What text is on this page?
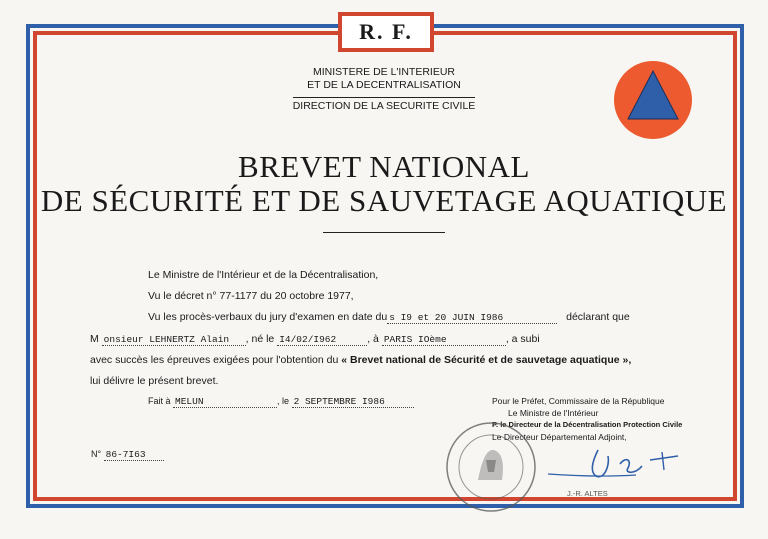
R. F.
MINISTERE DE L'INTERIEUR
ET DE LA DECENTRALISATION
DIRECTION DE LA SECURITE CIVILE
BREVET NATIONAL
DE SÉCURITÉ ET DE SAUVETAGE AQUATIQUE
Le Ministre de l'Intérieur et de la Décentralisation,
Vu le décret n° 77-1177 du 20 octobre 1977,
Vu les procès-verbaux du jury d'examen en date du s I9 et 20 JUIN I986	déclarant que
M onsieur LEHNERTZ Alain , né le I4/02/I962	, à PARIS IOème	, a subi
avec succès les épreuves exigées pour l'obtention du « Brevet national de Sécurité et de sauvetage aquatique »,
lui délivre le présent brevet.
Fait à MELUN	, le 2 SEPTEMBRE I986	Pour le Préfet, Commissaire de la République
Le Ministre de l'Intérieur
P. le Directeur de la Décentralisation Protection Civile
Le Directeur Départemental Adjoint,
J.-R. ALTES
N° 86-7I63
